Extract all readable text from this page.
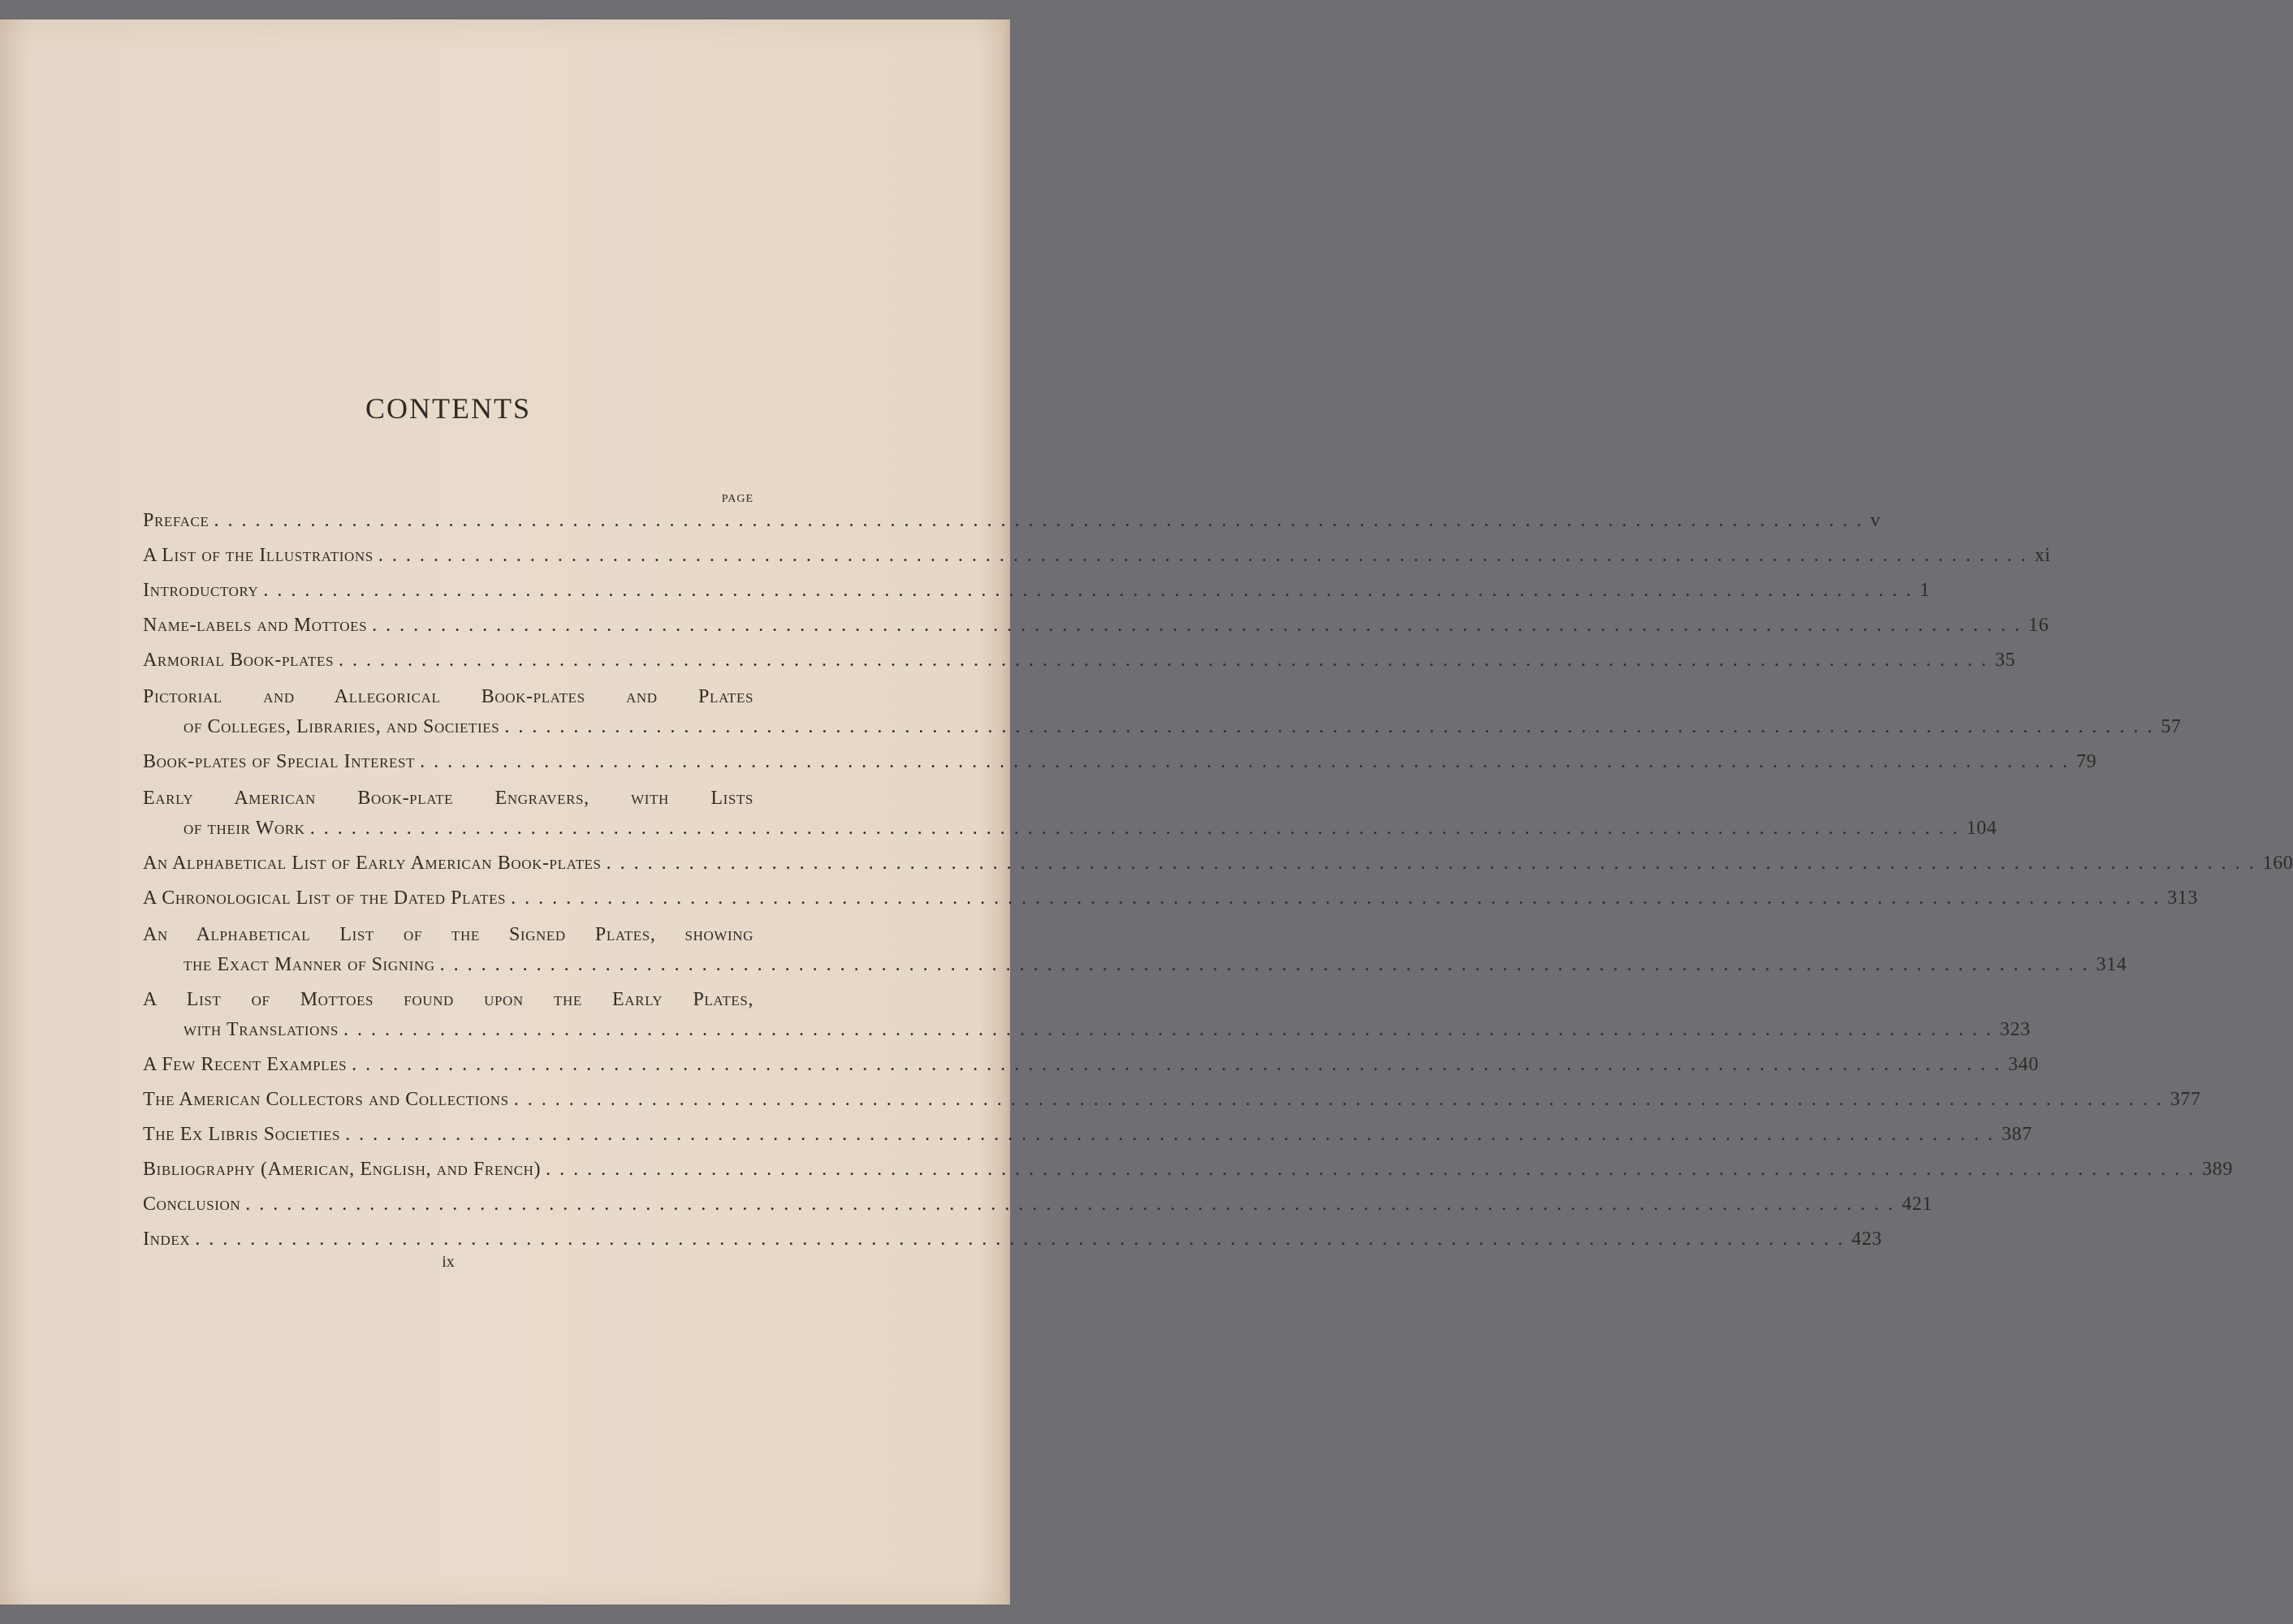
CONTENTS
PAGE
Preface ........................................................................................................................ v
A List of the Illustrations ........................................................................................................................ xi
Introductory ........................................................................................................................ 1
Name-labels and Mottoes ........................................................................................................................ 16
Armorial Book-plates ........................................................................................................................ 35
Pictorial and Allegorical Book-plates and Plates
of Colleges, Libraries, and Societies ........................................................................................................................ 57
Book-plates of Special Interest ........................................................................................................................ 79
Early American Book-plate Engravers, with Lists
of their Work ........................................................................................................................ 104
An Alphabetical List of Early American Book-plates ........................................................................................................................ 160
A Chronological List of the Dated Plates ........................................................................................................................ 313
An Alphabetical List of the Signed Plates, showing
the Exact Manner of Signing ........................................................................................................................ 314
A List of Mottoes found upon the Early Plates,
with Translations ........................................................................................................................ 323
A Few Recent Examples ........................................................................................................................ 340
The American Collectors and Collections ........................................................................................................................ 377
The Ex Libris Societies ........................................................................................................................ 387
Bibliography (American, English, and French) ........................................................................................................................ 389
Conclusion ........................................................................................................................ 421
Index ........................................................................................................................ 423
ix
